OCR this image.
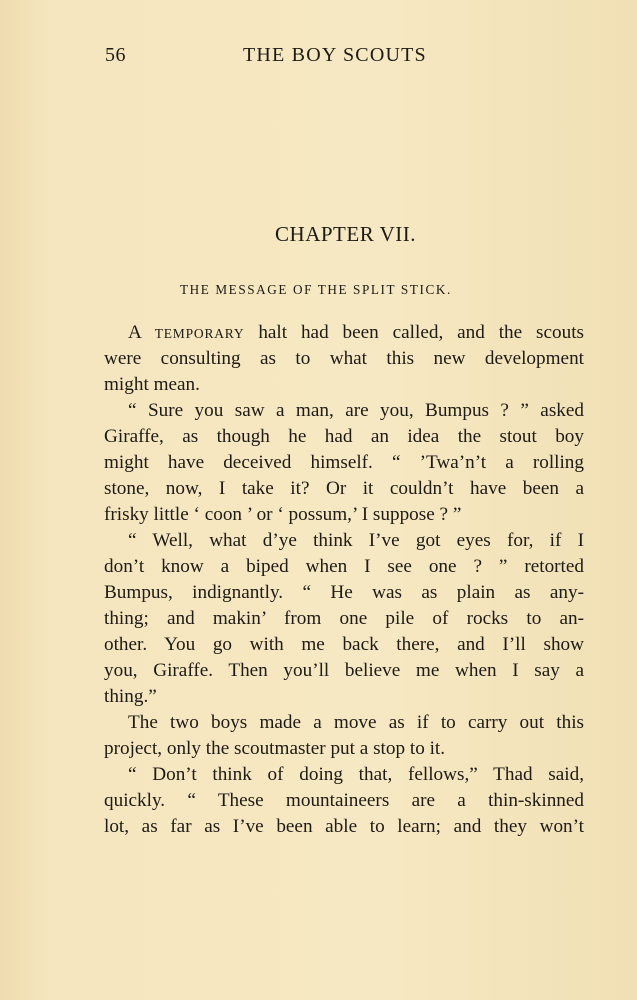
56	THE BOY SCOUTS
CHAPTER VII.
THE MESSAGE OF THE SPLIT STICK.
A TEMPORARY halt had been called, and the scouts
were consulting as to what this new development
might mean.
“ Sure you saw a man, are you, Bumpus ? ” asked
Giraffe, as though he had an idea the stout boy
might have deceived himself. “ ’Twa’n’t a rolling
stone, now, I take it? Or it couldn’t have been a
frisky little ‘ coon ’ or ‘ possum,’ I suppose ? ”
“ Well, what d’ye think I’ve got eyes for, if I
don’t know a biped when I see one ? ” retorted
Bumpus, indignantly. “ He was as plain as any-
thing; and makin’ from one pile of rocks to an-
other. You go with me back there, and I’ll show
you, Giraffe. Then you’ll believe me when I say a
thing.”
The two boys made a move as if to carry out this
project, only the scoutmaster put a stop to it.
“ Don’t think of doing that, fellows,” Thad said,
quickly. “ These mountaineers are a thin-skinned
lot, as far as I’ve been able to learn; and they won’t
